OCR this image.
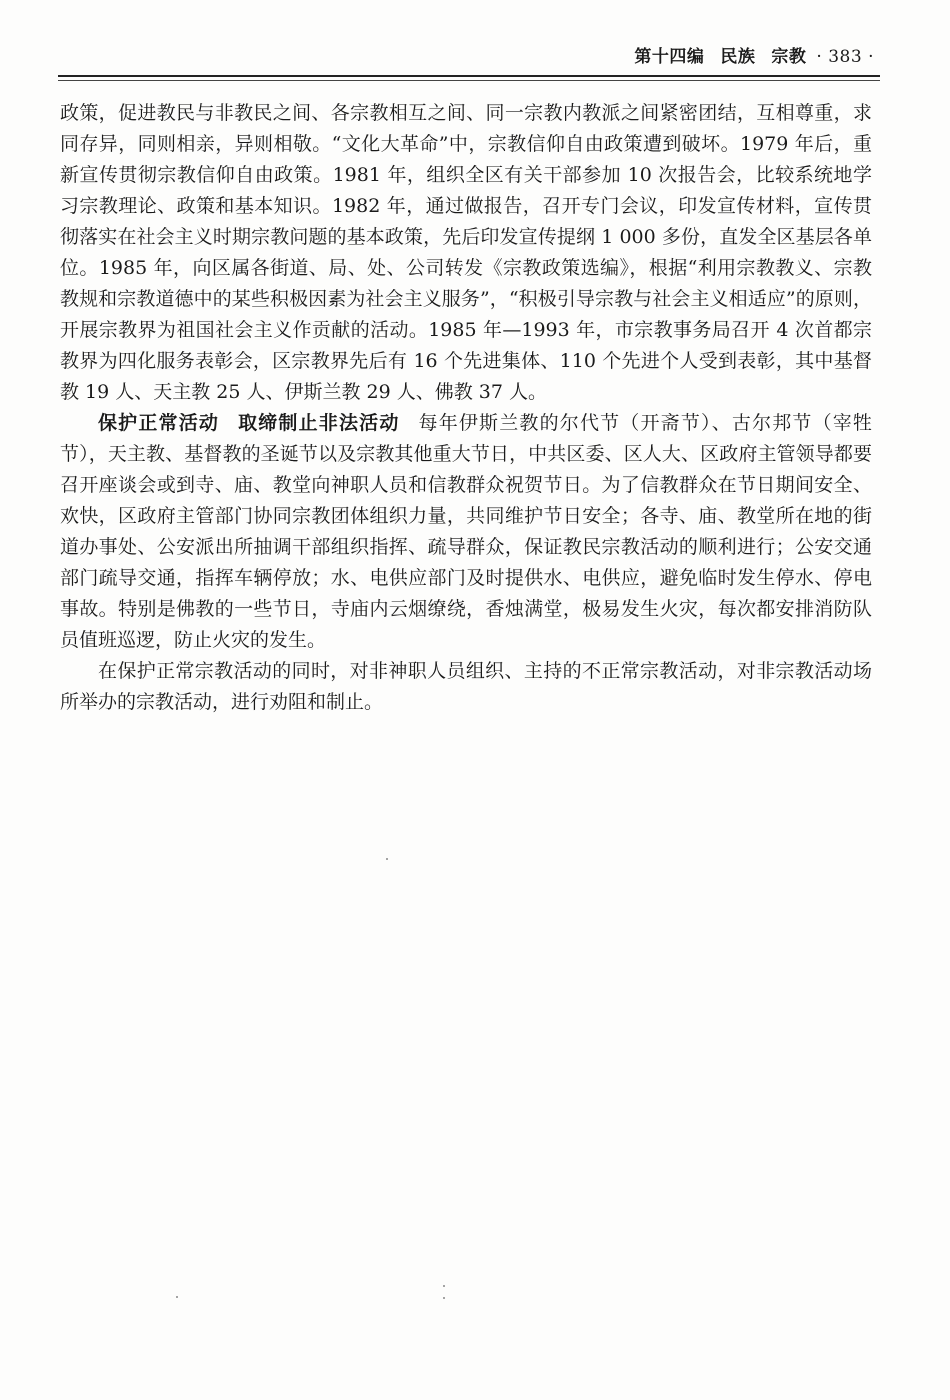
第十四编 民族 宗教 · 383 ·

政策，促进教民与非教民之间、各宗教相互之间、同一宗教内教派之间紧密团结，互相尊重，求同存异，同则相亲，异则相敬。“文化大革命”中，宗教信仰自由政策遭到破坏。1979 年后，重新宣传贯彻宗教信仰自由政策。1981 年，组织全区有关干部参加 10 次报告会，比较系统地学习宗教理论、政策和基本知识。1982 年，通过做报告，召开专门会议，印发宣传材料，宣传贯彻落实在社会主义时期宗教问题的基本政策，先后印发宣传提纲 1 000 多份，直发全区基层各单位。1985 年，向区属各街道、局、处、公司转发《宗教政策选编》，根据“利用宗教教义、宗教教规和宗教道德中的某些积极因素为社会主义服务”，“积极引导宗教与社会主义相适应”的原则，开展宗教界为祖国社会主义作贡献的活动。1985 年—1993 年，市宗教事务局召开 4 次首都宗教界为四化服务表彰会，区宗教界先后有 16 个先进集体、110 个先进个人受到表彰，其中基督教 19 人、天主教 25 人、伊斯兰教 29 人、佛教 37 人。

保护正常活动 取缔制止非法活动 每年伊斯兰教的尔代节（开斋节）、古尔邦节（宰牲节），天主教、基督教的圣诞节以及宗教其他重大节日，中共区委、区人大、区政府主管领导都要召开座谈会或到寺、庙、教堂向神职人员和信教群众祝贺节日。为了信教群众在节日期间安全、欢快，区政府主管部门协同宗教团体组织力量，共同维护节日安全；各寺、庙、教堂所在地的街道办事处、公安派出所抽调干部组织指挥、疏导群众，保证教民宗教活动的顺利进行；公安交通部门疏导交通，指挥车辆停放；水、电供应部门及时提供水、电供应，避免临时发生停水、停电事故。特别是佛教的一些节日，寺庙内云烟缭绕，香烛满堂，极易发生火灾，每次都安排消防队员值班巡逻，防止火灾的发生。

在保护正常宗教活动的同时，对非神职人员组织、主持的不正常宗教活动，对非宗教活动场所举办的宗教活动，进行劝阻和制止。
